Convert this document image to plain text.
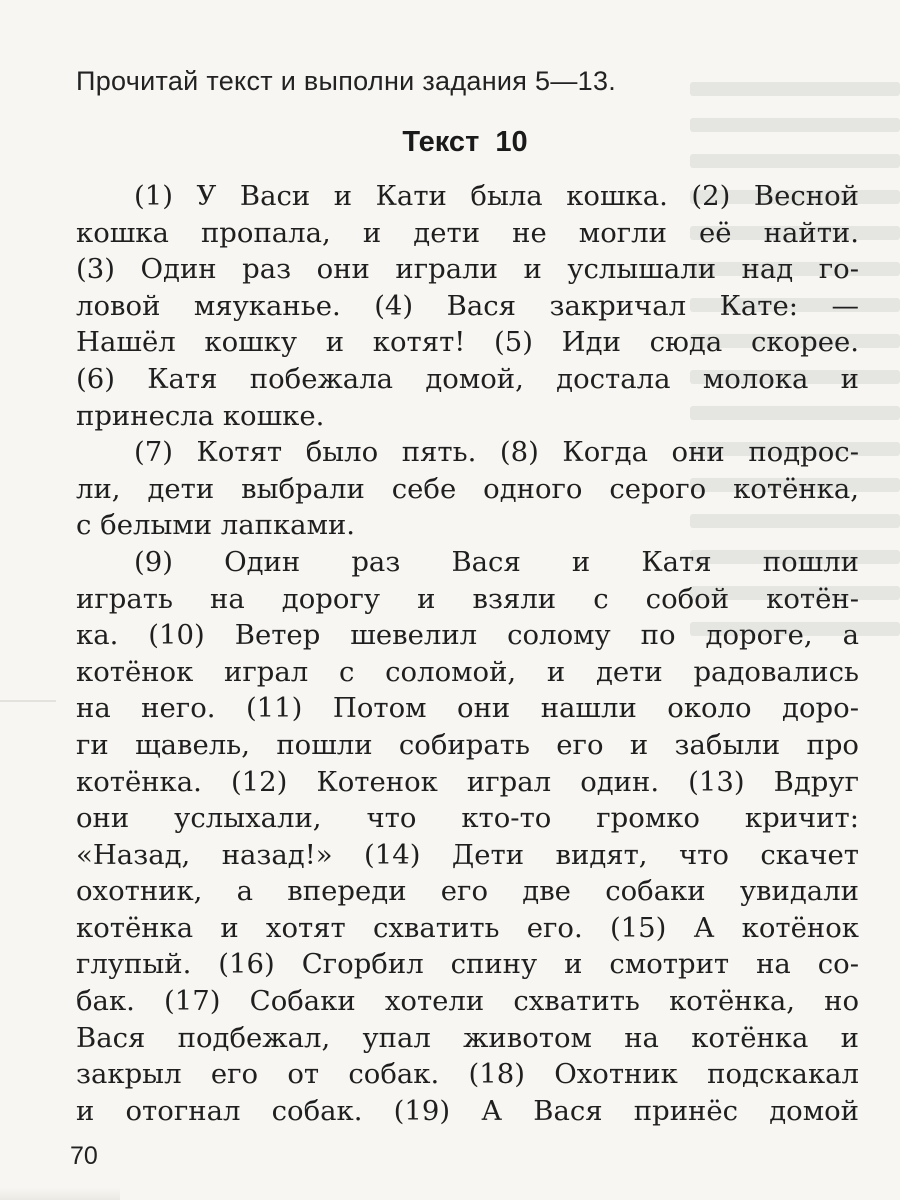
Прочитай текст и выполни задания 5—13.
Текст 10
(1) У Васи и Кати была кошка. (2) Весной
кошка пропала, и дети не могли её найти.
(3) Один раз они играли и услышали над го-
ловой мяуканье. (4) Вася закричал Кате: —
Нашёл кошку и котят! (5) Иди сюда скорее.
(6) Катя побежала домой, достала молока и
принесла кошке.
(7) Котят было пять. (8) Когда они подрос-
ли, дети выбрали себе одного серого котёнка,
с белыми лапками.
(9) Один раз Вася и Катя пошли
играть на дорогу и взяли с собой котён-
ка. (10) Ветер шевелил солому по дороге, а
котёнок играл с соломой, и дети радовались
на него. (11) Потом они нашли около доро-
ги щавель, пошли собирать его и забыли про
котёнка. (12) Котенок играл один. (13) Вдруг
они услыхали, что кто-то громко кричит:
«Назад, назад!» (14) Дети видят, что скачет
охотник, а впереди его две собаки увидали
котёнка и хотят схватить его. (15) А котёнок
глупый. (16) Сгорбил спину и смотрит на со-
бак. (17) Собаки хотели схватить котёнка, но
Вася подбежал, упал животом на котёнка и
закрыл его от собак. (18) Охотник подскакал
и отогнал собак. (19) А Вася принёс домой
70
